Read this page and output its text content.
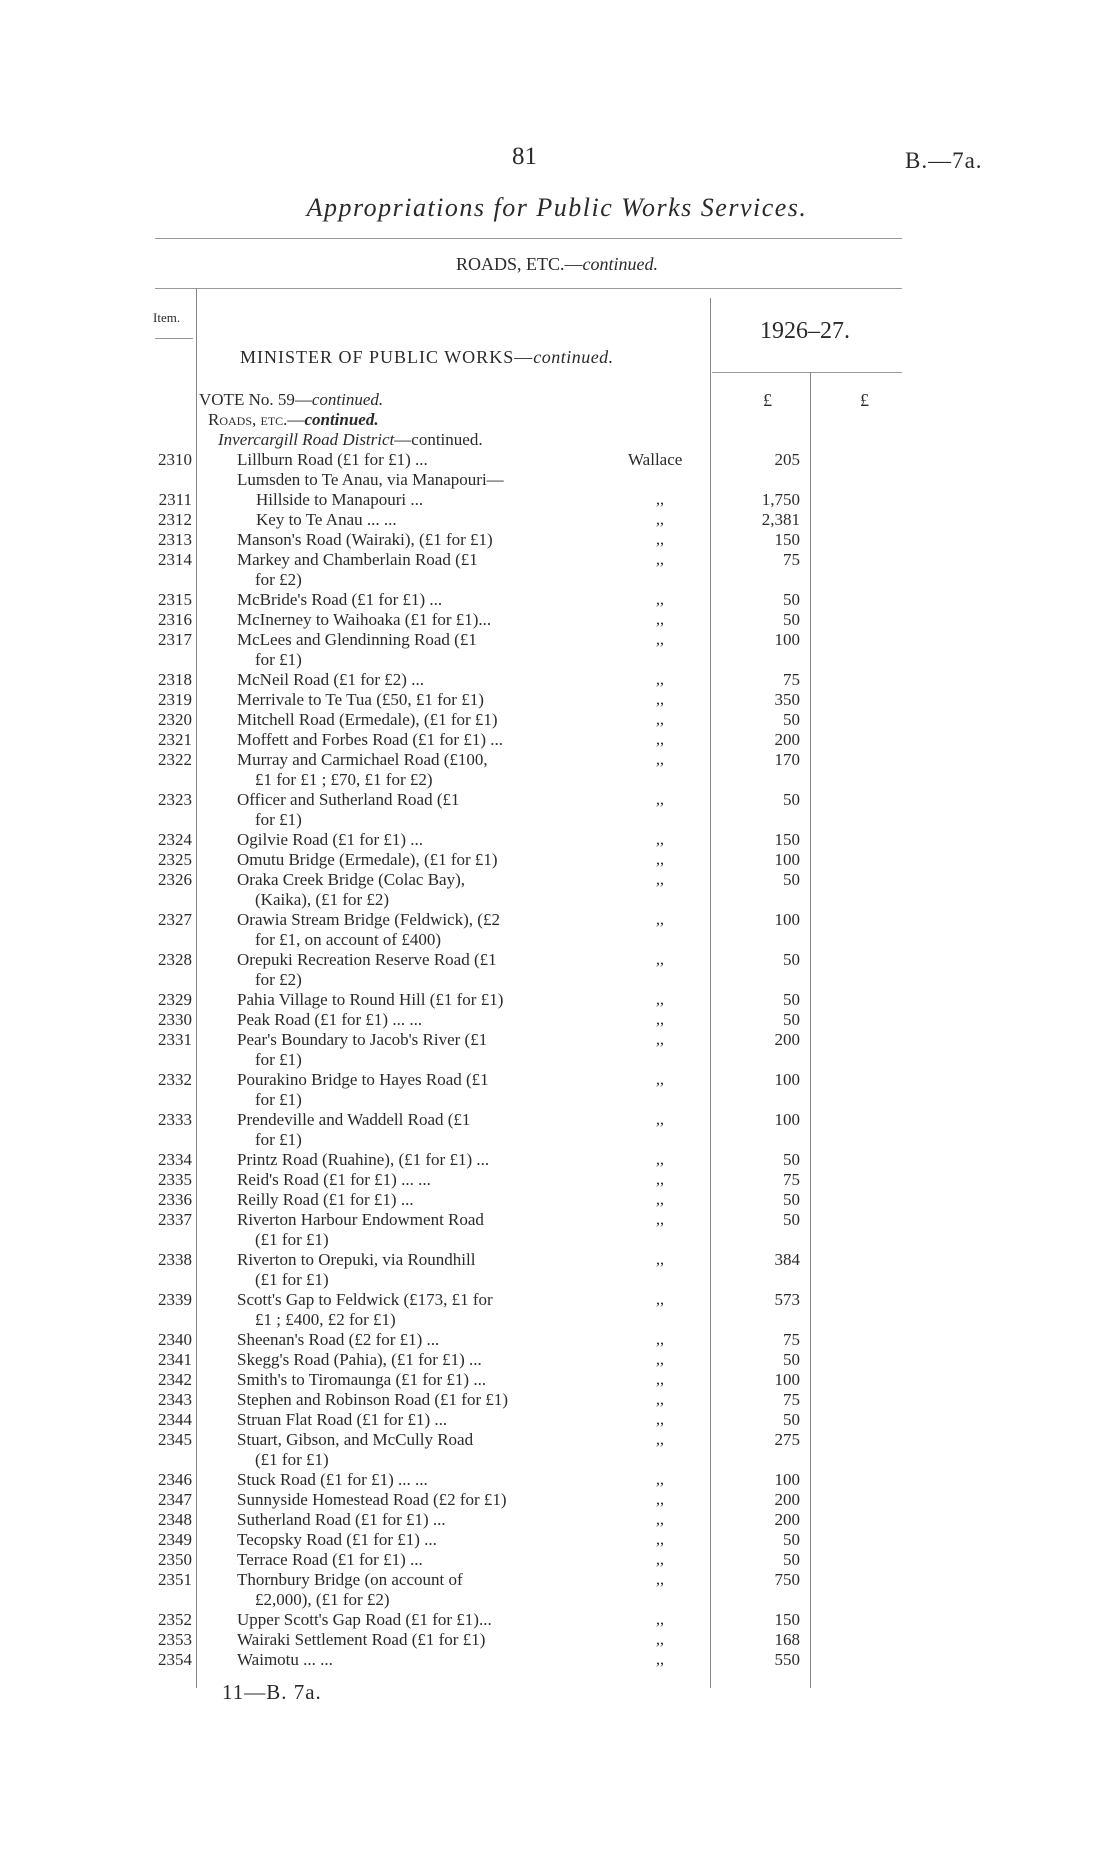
81	B.—7a.
Appropriations for Public Works Services.
ROADS, ETC.—continued.
Item.
1926–27.
MINISTER OF PUBLIC WORKS—continued.
£	£
VOTE No. 59—continued.
Roads, etc.—continued.
Invercargill Road District—continued.
2310	Lillburn Road (£1 for £1) ...	Wallace	205
Lumsden to Te Anau, via Manapouri—
2311	Hillside to Manapouri ...	,,	1,750
2312	Key to Te Anau ... ...	,,	2,381
2313	Manson's Road (Wairaki), (£1 for £1)	,,	150
2314	Markey and Chamberlain Road (£1
for £2)
,,	75
2315	McBride's Road (£1 for £1) ...	,,	50
2316	McInerney to Waihoaka (£1 for £1)...	,,	50
2317	McLees and Glendinning Road (£1
for £1)
,,	100
2318	McNeil Road (£1 for £2) ...	,,	75
2319	Merrivale to Te Tua (£50, £1 for £1)	,,	350
2320	Mitchell Road (Ermedale), (£1 for £1)	,,	50
2321	Moffett and Forbes Road (£1 for £1) ...	,,	200
2322	Murray and Carmichael Road (£100,
£1 for £1 ; £70, £1 for £2)
,,	170
2323	Officer and Sutherland Road (£1
for £1)
,,	50
2324	Ogilvie Road (£1 for £1) ...	,,	150
2325	Omutu Bridge (Ermedale), (£1 for £1)	,,	100
2326	Oraka Creek Bridge (Colac Bay),
(Kaika), (£1 for £2)
,,	50
2327	Orawia Stream Bridge (Feldwick), (£2
for £1, on account of £400)
,,	100
2328	Orepuki Recreation Reserve Road (£1
for £2)
,,	50
2329	Pahia Village to Round Hill (£1 for £1)	,,	50
2330	Peak Road (£1 for £1) ... ...	,,	50
2331	Pear's Boundary to Jacob's River (£1
for £1)
,,	200
2332	Pourakino Bridge to Hayes Road (£1
for £1)
,,	100
2333	Prendeville and Waddell Road (£1
for £1)
,,	100
2334	Printz Road (Ruahine), (£1 for £1) ...	,,	50
2335	Reid's Road (£1 for £1) ... ...	,,	75
2336	Reilly Road (£1 for £1) ...	,,	50
2337	Riverton Harbour Endowment Road
(£1 for £1)
,,	50
2338	Riverton to Orepuki, via Roundhill
(£1 for £1)
,,	384
2339	Scott's Gap to Feldwick (£173, £1 for
£1 ; £400, £2 for £1)
,,	573
2340	Sheenan's Road (£2 for £1) ...	,,	75
2341	Skegg's Road (Pahia), (£1 for £1) ...	,,	50
2342	Smith's to Tiromaunga (£1 for £1) ...	,,	100
2343	Stephen and Robinson Road (£1 for £1)	,,	75
2344	Struan Flat Road (£1 for £1) ...	,,	50
2345	Stuart, Gibson, and McCully Road
(£1 for £1)
,,	275
2346	Stuck Road (£1 for £1) ... ...	,,	100
2347	Sunnyside Homestead Road (£2 for £1)	,,	200
2348	Sutherland Road (£1 for £1) ...	,,	200
2349	Tecopsky Road (£1 for £1) ...	,,	50
2350	Terrace Road (£1 for £1) ...	,,	50
2351	Thornbury Bridge (on account of
£2,000), (£1 for £2)
,,	750
2352	Upper Scott's Gap Road (£1 for £1)...	,,	150
2353	Wairaki Settlement Road (£1 for £1)	,,	168
2354	Waimotu ... ...	,,	550
11—B. 7a.
